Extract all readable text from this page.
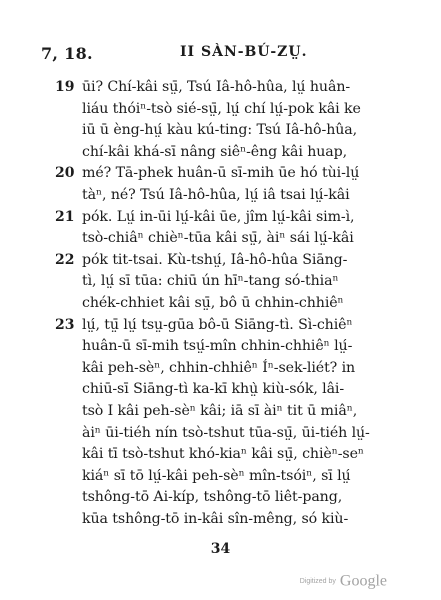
7, 18.	II SÀN-BÚ-ZṲ.
19 ūi? Chí-kâi sṳ̄, Tsú Iâ-hô-hûa, lṳ́ huân-
liáu thóiⁿ-tsò sié-sṳ̄, lṳ́ chí lṳ́-pok kâi ke
iū ū èng-hṳ́ kàu kú-ting: Tsú Iâ-hô-hûa,
chí-kâi khá-sī nâng siêⁿ-êng kâi huap,
20 mé? Tā-phek huân-ū sī-mih ūe hó tùi-lṳ́
tàⁿ, né? Tsú Iâ-hô-hûa, lṳ́ iâ tsai lṳ́-kâi
21 pók. Lṳ́ in-ūi lṳ́-kâi ūe, jîm lṳ́-kâi sim-ì,
tsò-chiâⁿ chièⁿ-tūa kâi sṳ̄, àiⁿ sái lṳ́-kâi
22 pók tit-tsai. Kù-tshṳ́, Iâ-hô-hûa Siāng-
tì, lṳ́ sī tūa: chiū ún hīⁿ-tang só-thiaⁿ
chék-chhiet kâi sṳ̄, bô ū chhin-chhiêⁿ
23 lṳ́, tṳ̄ lṳ́ tsṳ-gūa bô-ū Siāng-tì. Sì-chiêⁿ
huân-ū sī-mih tsṳ́-mîn chhin-chhiêⁿ lṳ́-
kâi peh-sèⁿ, chhin-chhiêⁿ Íⁿ-sek-liét? in
chiū-sī Siāng-tì ka-kī khṳ̀ kiù-sók, lâi-
tsò I kâi peh-sèⁿ kâi; iā sī àiⁿ tit ū miâⁿ,
àiⁿ ūi-tiéh nín tsò-tshut tūa-sṳ̄, ūi-tiéh lṳ́-
kâi tī tsò-tshut khó-kiaⁿ kâi sṳ̄, chièⁿ-seⁿ
kiáⁿ sī tō lṳ́-kâi peh-sèⁿ mîn-tsóiⁿ, sī lṳ́
tshông-tō Ai-kíp, tshông-tō liêt-pang,
kūa tshông-tō in-kâi sîn-mêng, só kiù-
34
Digitized by Google
